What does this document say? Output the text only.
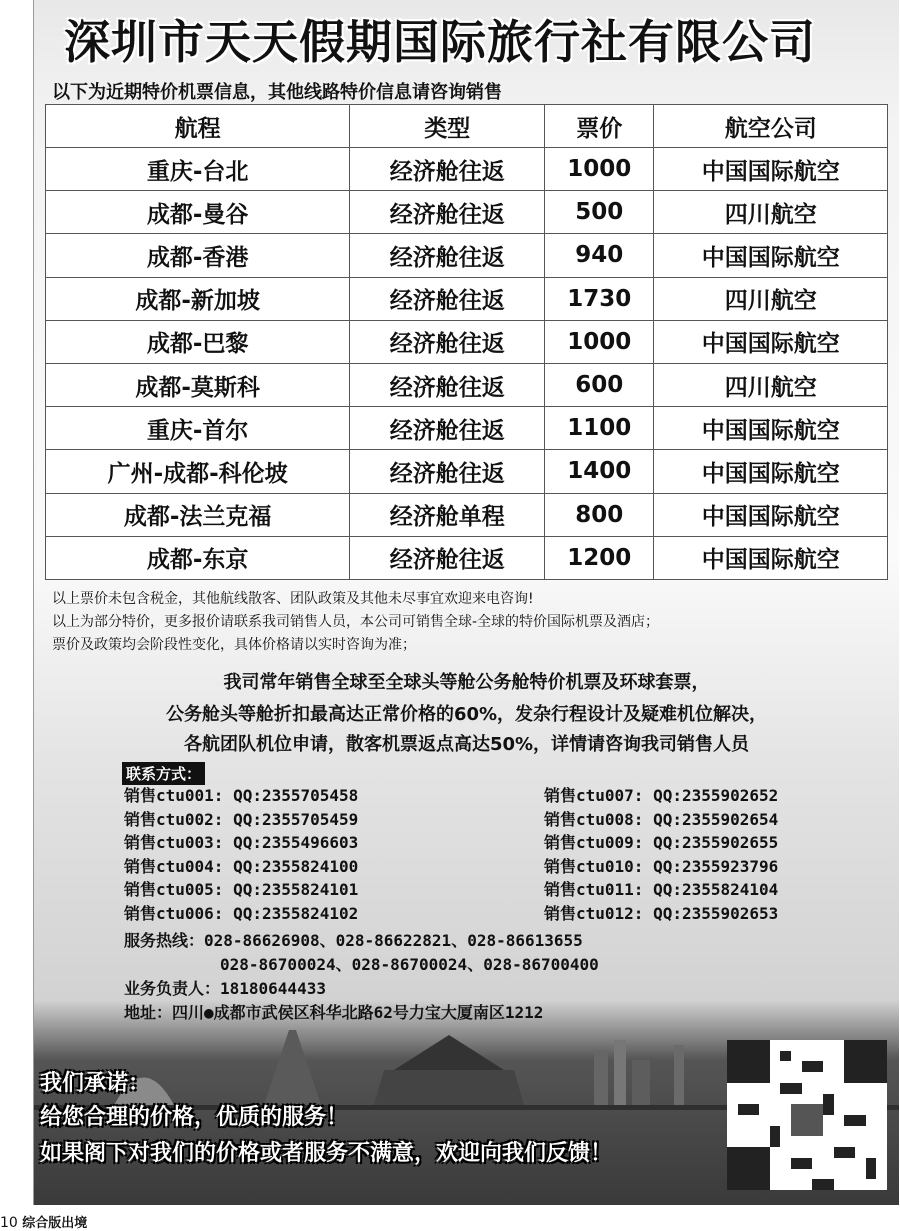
深圳市天天假期国际旅行社有限公司
以下为近期特价机票信息，其他线路特价信息请咨询销售
航程	类型	票价	航空公司
重庆-台北	经济舱往返	1000	中国国际航空
成都-曼谷	经济舱往返	500	四川航空
成都-香港	经济舱往返	940	中国国际航空
成都-新加坡	经济舱往返	1730	四川航空
成都-巴黎	经济舱往返	1000	中国国际航空
成都-莫斯科	经济舱往返	600	四川航空
重庆-首尔	经济舱往返	1100	中国国际航空
广州-成都-科伦坡	经济舱往返	1400	中国国际航空
成都-法兰克福	经济舱单程	800	中国国际航空
成都-东京	经济舱往返	1200	中国国际航空
以上票价未包含税金，其他航线散客、团队政策及其他未尽事宜欢迎来电咨询!
以上为部分特价，更多报价请联系我司销售人员，本公司可销售全球-全球的特价国际机票及酒店；
票价及政策均会阶段性变化，具体价格请以实时咨询为准；
我司常年销售全球至全球头等舱公务舱特价机票及环球套票，
公务舱头等舱折扣最高达正常价格的60%，发杂行程设计及疑难机位解决，
各航团队机位申请，散客机票返点高达50%，详情请咨询我司销售人员
联系方式：
销售ctu001: QQ:2355705458
销售ctu002: QQ:2355705459
销售ctu003: QQ:2355496603
销售ctu004: QQ:2355824100
销售ctu005: QQ:2355824101
销售ctu006: QQ:2355824102
销售ctu007: QQ:2355902652
销售ctu008: QQ:2355902654
销售ctu009: QQ:2355902655
销售ctu010: QQ:2355923796
销售ctu011: QQ:2355824104
销售ctu012: QQ:2355902653
服务热线：028-86626908、028-86622821、028-86613655
028-86700024、028-86700024、028-86700400
业务负责人：18180644433
地址：四川●成都市武侯区科华北路62号力宝大厦南区1212
我们承诺：
给您合理的价格，优质的服务！
如果阁下对我们的价格或者服务不满意，欢迎向我们反馈！
10 综合版出境
